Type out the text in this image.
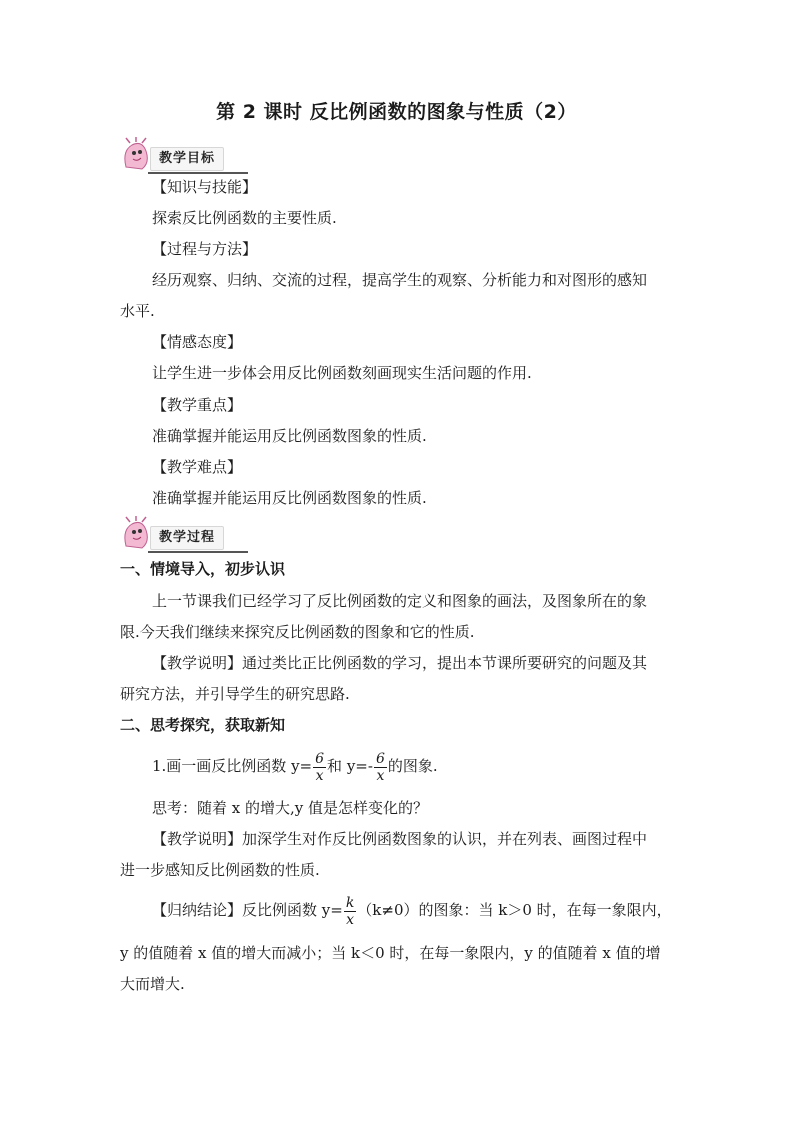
第 2 课时 反比例函数的图象与性质（2）
教学目标
【知识与技能】
探索反比例函数的主要性质.
【过程与方法】
经历观察、归纳、交流的过程，提高学生的观察、分析能力和对图形的感知
水平.
【情感态度】
让学生进一步体会用反比例函数刻画现实生活问题的作用.
【教学重点】
准确掌握并能运用反比例函数图象的性质.
【教学难点】
准确掌握并能运用反比例函数图象的性质.
教学过程
一、情境导入，初步认识
上一节课我们已经学习了反比例函数的定义和图象的画法，及图象所在的象
限.今天我们继续来探究反比例函数的图象和它的性质.
【教学说明】通过类比正比例函数的学习，提出本节课所要研究的问题及其
研究方法，并引导学生的研究思路.
二、思考探究，获取新知
1.画一画反比例函数 $y= \frac{6}{x}$ 和 $y=- \frac{6}{x}$ 的图象.
思考：随着 x 的增大,y 值是怎样变化的？
【教学说明】加深学生对作反比例函数图象的认识，并在列表、画图过程中
进一步感知反比例函数的性质.
【归纳结论】反比例函数 $y= \frac{k}{x} (k\ne 0)$的图象：当 k＞0 时，在每一象限内，
y 的值随着 x 值的增大而减小；当 k＜0 时，在每一象限内，y 的值随着 x 值的增
大而增大.
